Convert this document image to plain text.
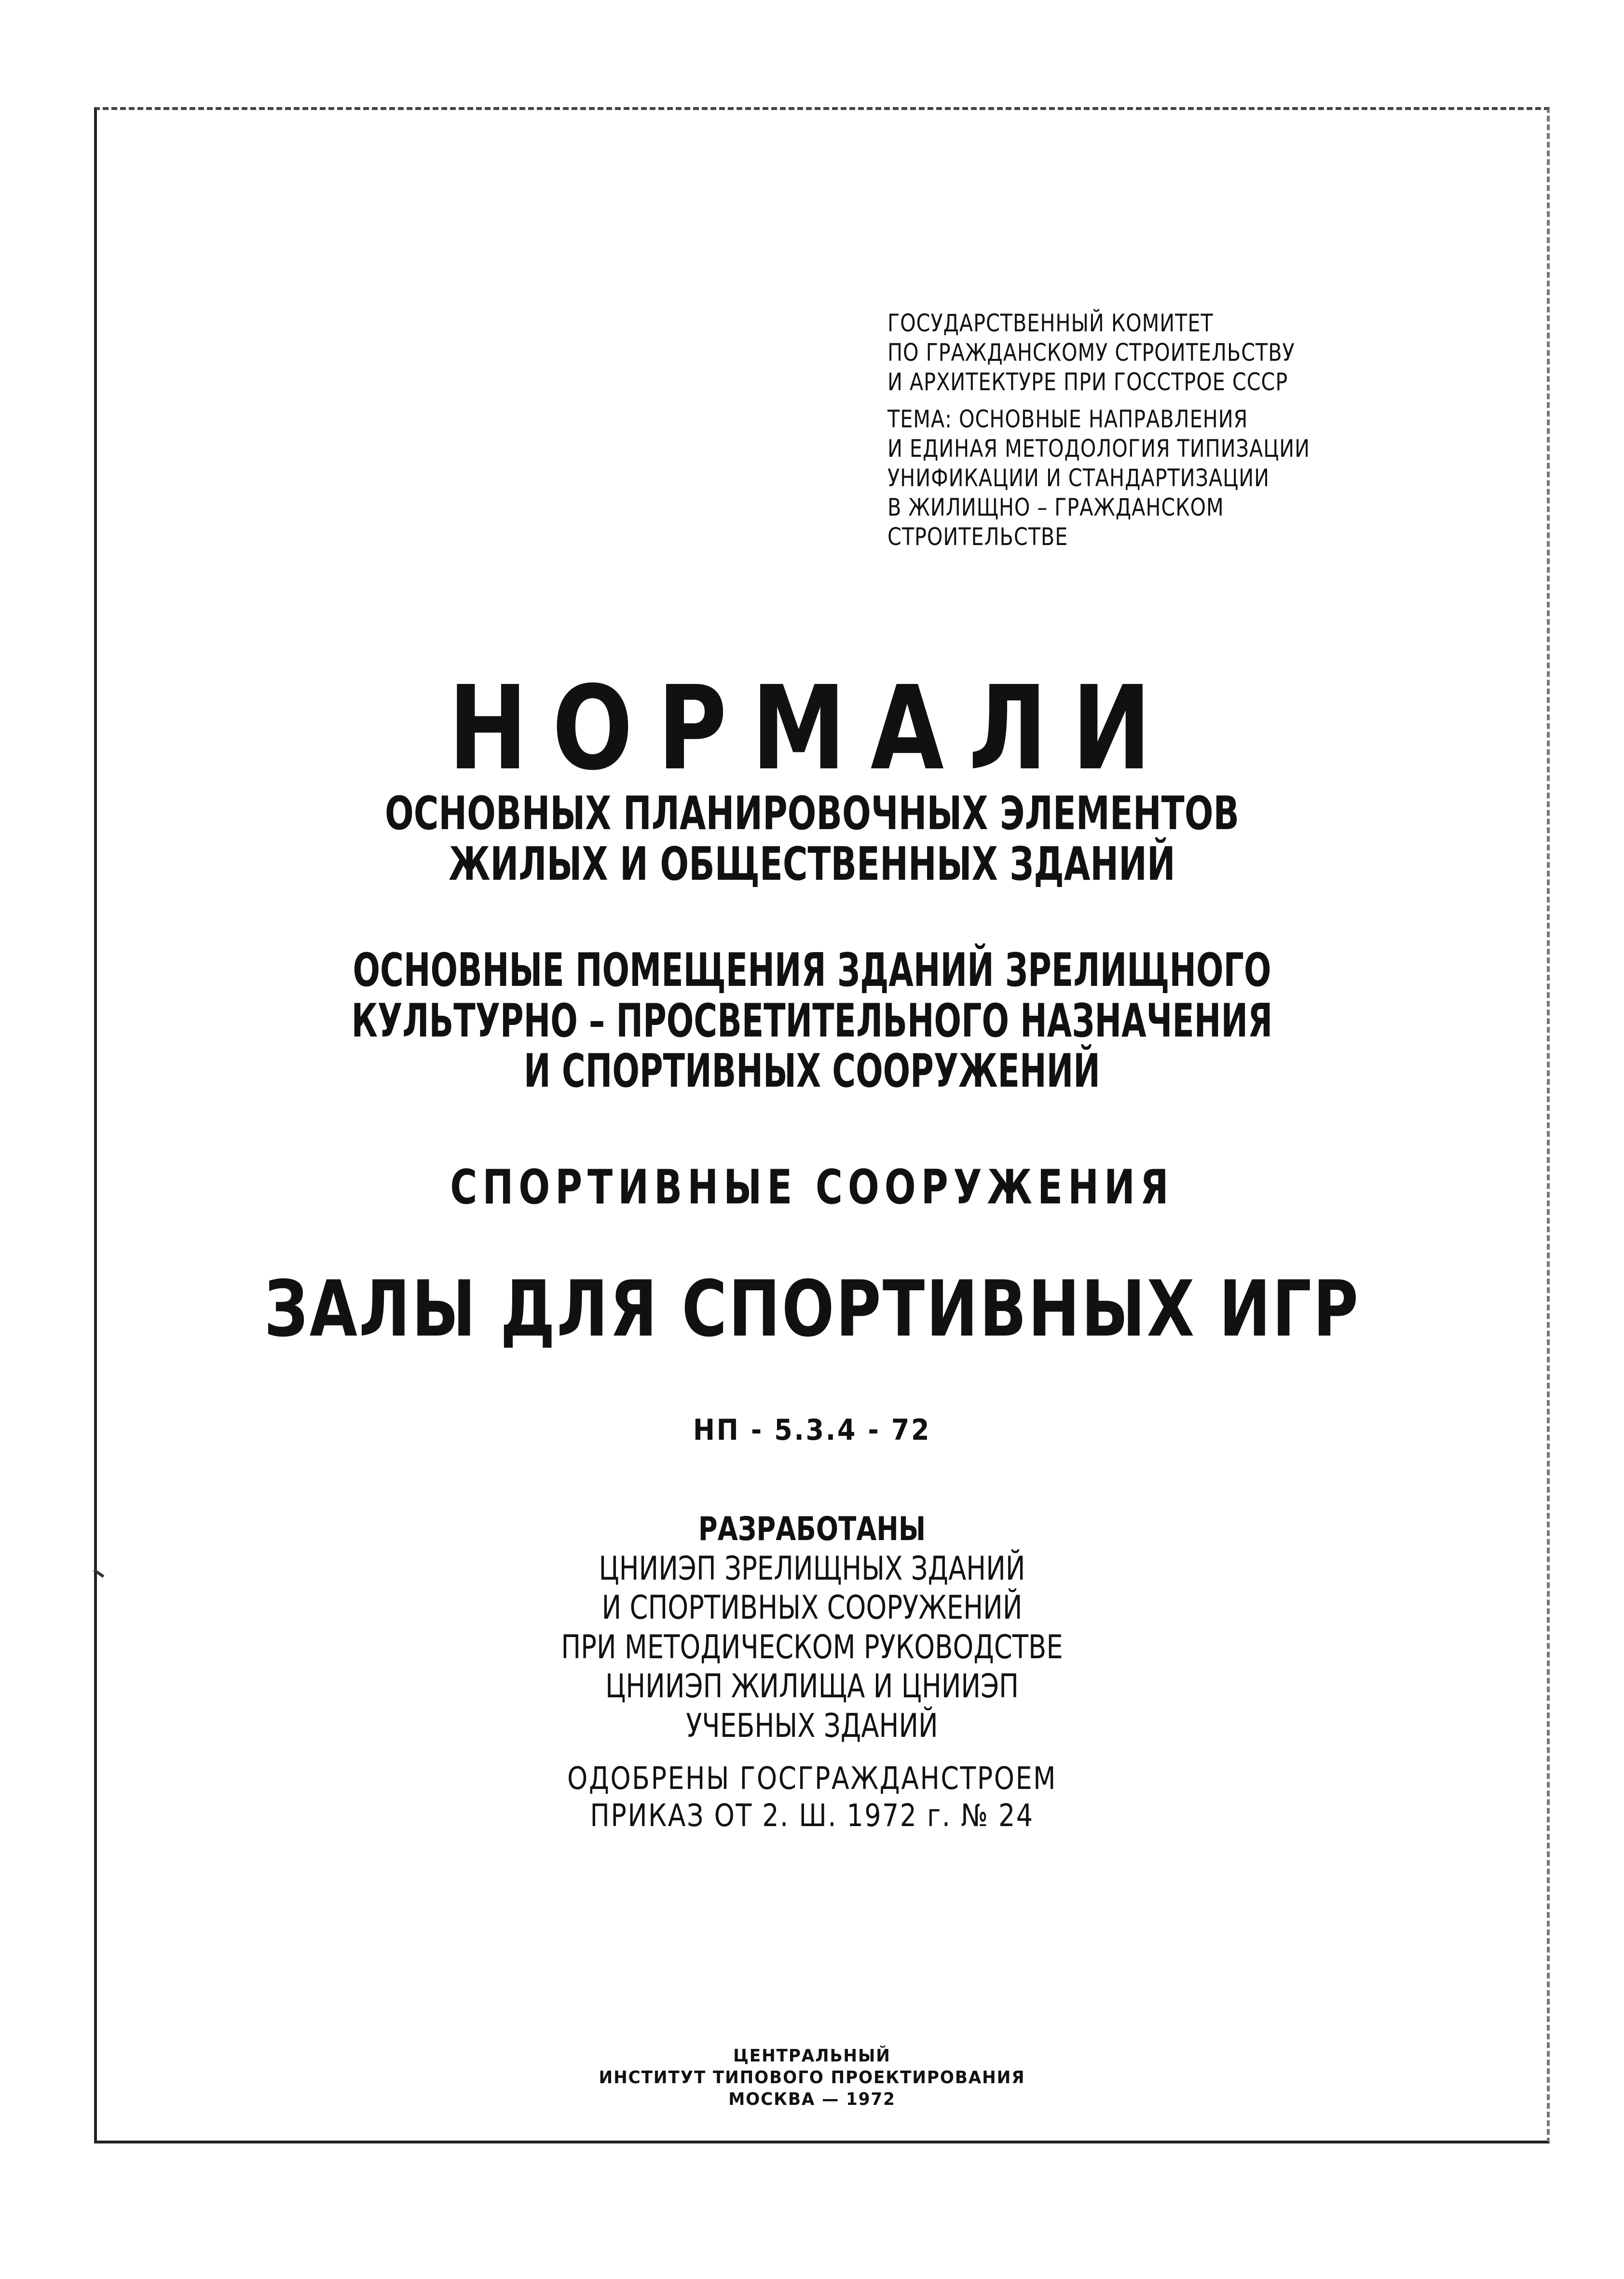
ГОСУДАРСТВЕННЫЙ КОМИТЕТ
ПО ГРАЖДАНСКОМУ СТРОИТЕЛЬСТВУ
И АРХИТЕКТУРЕ ПРИ ГОССТРОЕ СССР
ТЕМА: ОСНОВНЫЕ НАПРАВЛЕНИЯ
И ЕДИНАЯ МЕТОДОЛОГИЯ ТИПИЗАЦИИ
УНИФИКАЦИИ И СТАНДАРТИЗАЦИИ
В ЖИЛИЩНО – ГРАЖДАНСКОМ
СТРОИТЕЛЬСТВЕ
НОРМАЛИ
ОСНОВНЫХ ПЛАНИРОВОЧНЫХ ЭЛЕМЕНТОВ
ЖИЛЫХ И ОБЩЕСТВЕННЫХ ЗДАНИЙ
ОСНОВНЫЕ ПОМЕЩЕНИЯ ЗДАНИЙ ЗРЕЛИЩНОГО
КУЛЬТУРНО – ПРОСВЕТИТЕЛЬНОГО НАЗНАЧЕНИЯ
И СПОРТИВНЫХ СООРУЖЕНИЙ
СПОРТИВНЫЕ СООРУЖЕНИЯ
ЗАЛЫ ДЛЯ СПОРТИВНЫХ ИГР
НП - 5.3.4 - 72
РАЗРАБОТАНЫ
ЦНИИЭП ЗРЕЛИЩНЫХ ЗДАНИЙ
И СПОРТИВНЫХ СООРУЖЕНИЙ
ПРИ МЕТОДИЧЕСКОМ РУКОВОДСТВЕ
ЦНИИЭП ЖИЛИЩА И ЦНИИЭП
УЧЕБНЫХ ЗДАНИЙ
ОДОБРЕНЫ ГОСГРАЖДАНСТРОЕМ
ПРИКАЗ ОТ 2. Ш. 1972 г. № 24
ЦЕНТРАЛЬНЫЙ
ИНСТИТУТ ТИПОВОГО ПРОЕКТИРОВАНИЯ
МОСКВА — 1972
